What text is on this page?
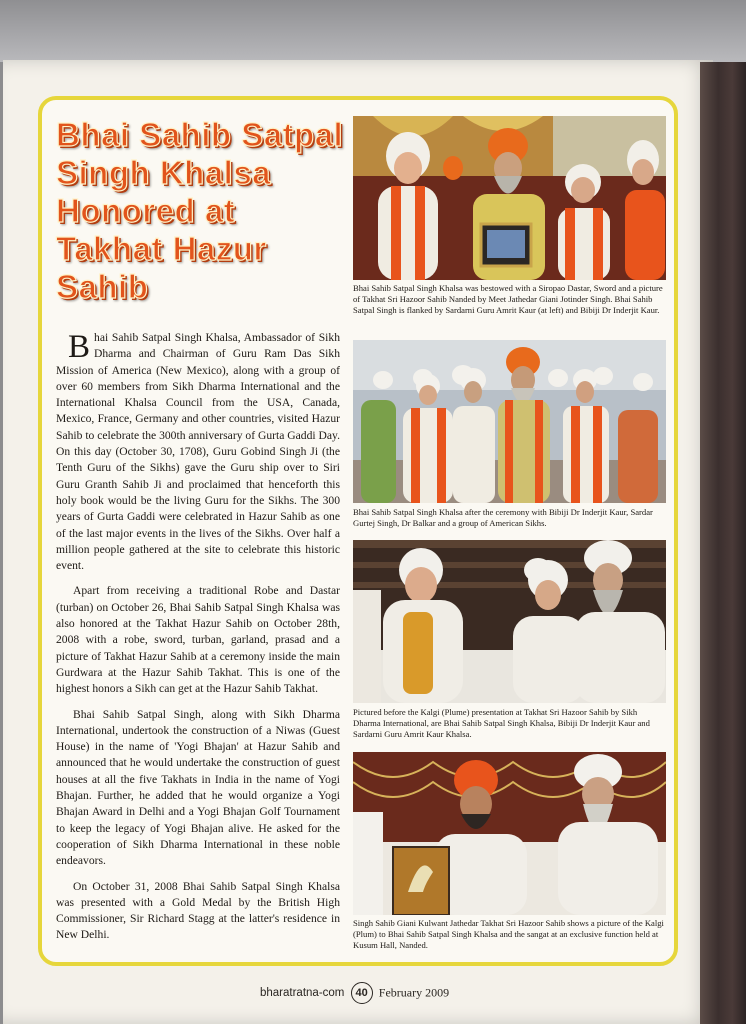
Bhai Sahib Satpal Singh Khalsa Honored at Takhat Hazur Sahib

Bhai Sahib Satpal Singh Khalsa, Ambassador of Sikh Dharma and Chairman of Guru Ram Das Sikh Mission of America (New Mexico), along with a group of over 60 members from Sikh Dharma International and the International Khalsa Council from the USA, Canada, Mexico, France, Germany and other countries, visited Hazur Sahib to celebrate the 300th anniversary of Gurta Gaddi Day. On this day (October 30, 1708), Guru Gobind Singh Ji (the Tenth Guru of the Sikhs) gave the Guru ship over to Siri Guru Granth Sahib Ji and proclaimed that henceforth this holy book would be the living Guru for the Sikhs. The 300 years of Gurta Gaddi were celebrated in Hazur Sahib as one of the last major events in the lives of the Sikhs. Over half a million people gathered at the site to celebrate this historic event.

Apart from receiving a traditional Robe and Dastar (turban) on October 26, Bhai Sahib Satpal Singh Khalsa was also honored at the Takhat Hazur Sahib on October 28th, 2008 with a robe, sword, turban, garland, prasad and a picture of Takhat Hazur Sahib at a ceremony inside the main Gurdwara at the Hazur Sahib Takhat. This is one of the highest honors a Sikh can get at the Hazur Sahib Takhat.

Bhai Sahib Satpal Singh, along with Sikh Dharma International, undertook the construction of a Niwas (Guest House) in the name of 'Yogi Bhajan' at Hazur Sahib and announced that he would undertake the construction of guest houses at all the five Takhats in India in the name of Yogi Bhajan. Further, he added that he would organize a Yogi Bhajan Award in Delhi and a Yogi Bhajan Golf Tournament to keep the legacy of Yogi Bhajan alive. He asked for the cooperation of Sikh Dharma International in these noble endeavors.

On October 31, 2008 Bhai Sahib Satpal Singh Khalsa was presented with a Gold Medal by the British High Commissioner, Sir Richard Stagg at the latter's residence in New Delhi.

Bhai Sahib Satpal Singh Khalsa was bestowed with a Siropao Dastar, Sword and a picture of Takhat Sri Hazoor Sahib Nanded by Meet Jathedar Giani Jotinder Singh. Bhai Sahib Satpal Singh is flanked by Sardarni Guru Amrit Kaur (at left) and Bibiji Dr Inderjit Kaur.

Bhai Sahib Satpal Singh Khalsa after the ceremony with Bibiji Dr Inderjit Kaur, Sardar Gurtej Singh, Dr Balkar and a group of American Sikhs.

Pictured before the Kalgi (Plume) presentation at Takhat Sri Hazoor Sahib by Sikh Dharma International, are Bhai Sahib Satpal Singh Khalsa, Bibiji Dr Inderjit Kaur and Sardarni Guru Amrit Kaur Khalsa.

Singh Sahib Giani Kulwant Jathedar Takhat Sri Hazoor Sahib shows a picture of the Kalgi (Plum) to Bhai Sahib Satpal Singh Khalsa and the sangat at an exclusive function held at Kusum Hall, Nanded.

bharatratna-com 40 February 2009
